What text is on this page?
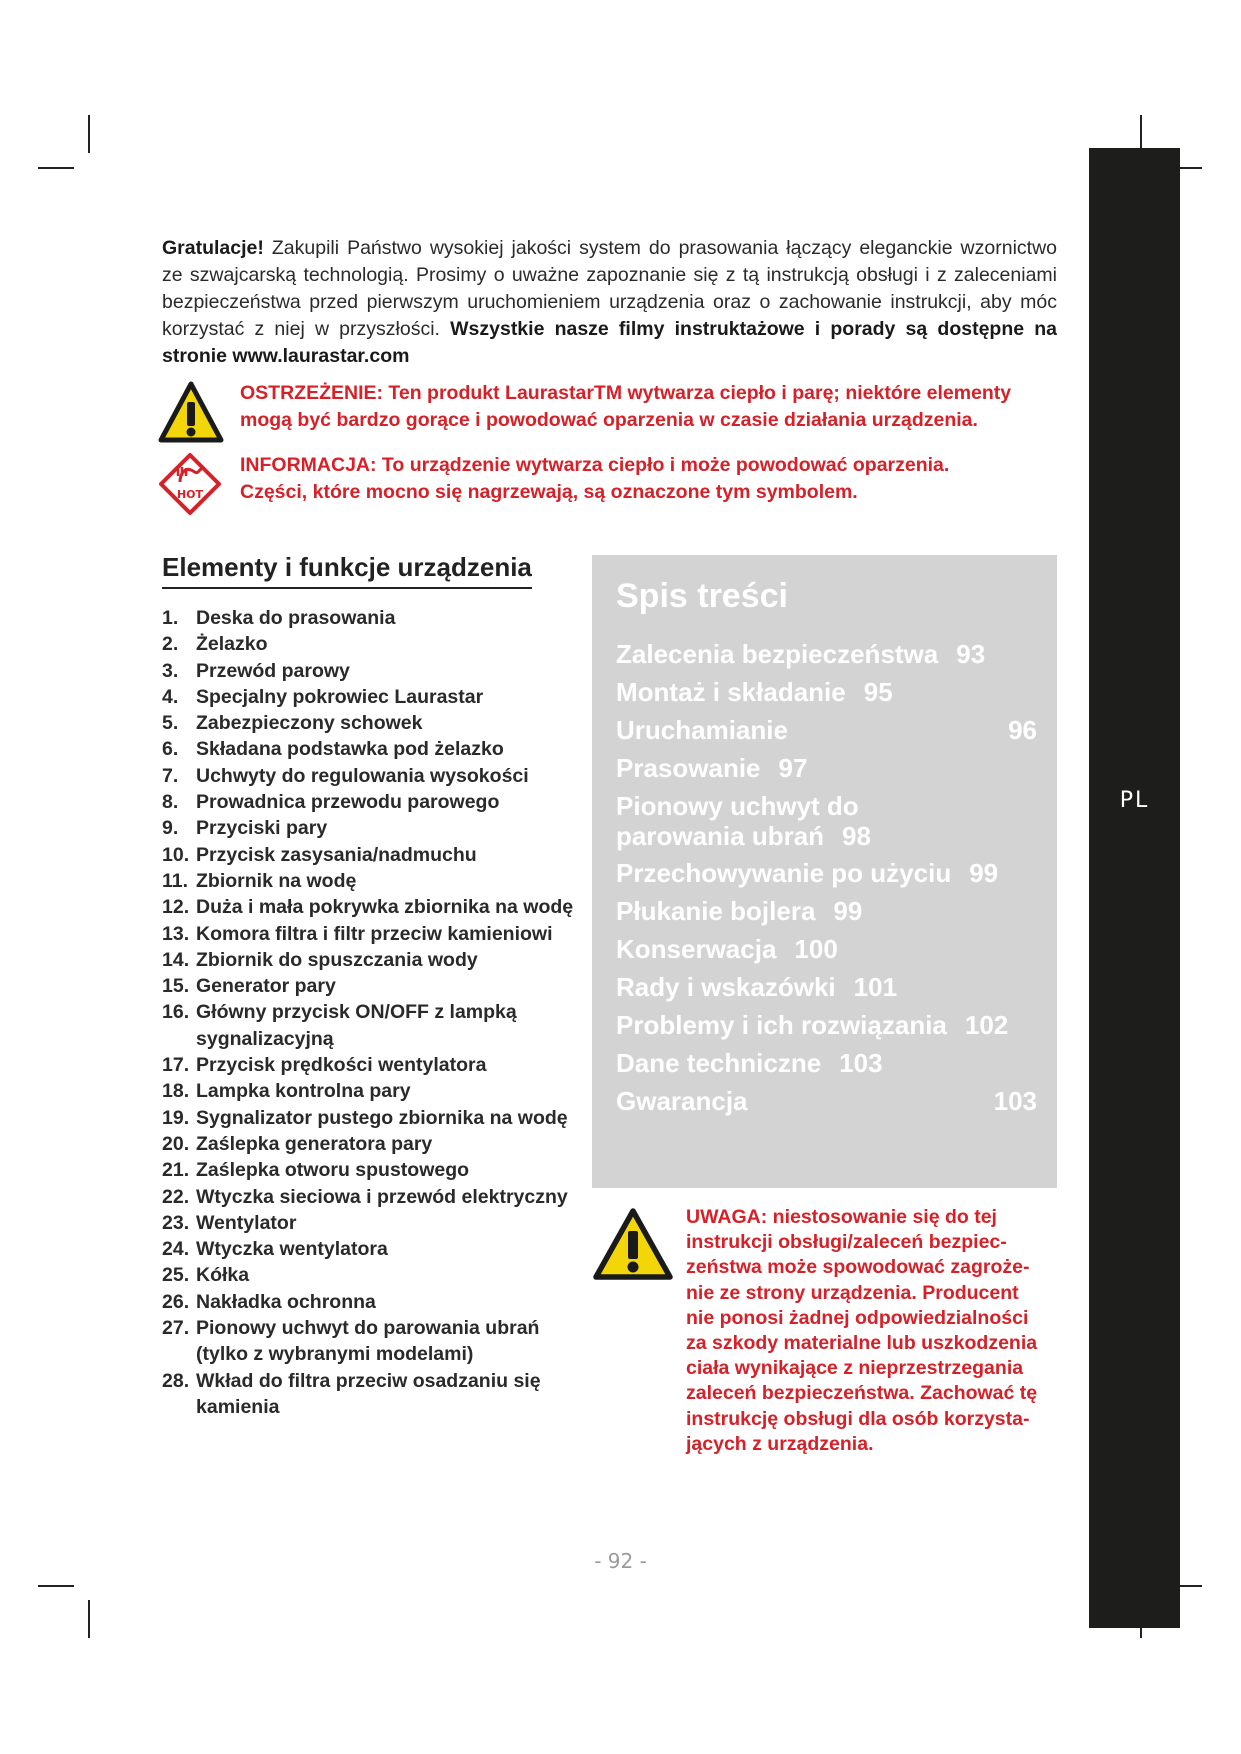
PL
Gratulacje! Zakupili Państwo wysokiej jakości system do prasowania łączący eleganckie wzornictwo ze szwajcarską technologią. Prosimy o uważne zapoznanie się z tą instrukcją obsługi i z zaleceniami bezpieczeństwa przed pierwszym uruchomieniem urządzenia oraz o zachowanie instrukcji, aby móc korzystać z niej w przyszłości. Wszystkie nasze filmy instruktażowe i porady są dostępne na stronie www.laurastar.com
OSTRZEŻENIE: Ten produkt LaurastarTM wytwarza ciepło i parę; niektóre elementy
mogą być bardzo gorące i powodować oparzenia w czasie działania urządzenia.
HOT
INFORMACJA: To urządzenie wytwarza ciepło i może powodować oparzenia.
Części, które mocno się nagrzewają, są oznaczone tym symbolem.
Elementy i funkcje urządzenia
1. Deska do prasowania
2. Żelazko
3. Przewód parowy
4. Specjalny pokrowiec Laurastar
5. Zabezpieczony schowek
6. Składana podstawka pod żelazko
7. Uchwyty do regulowania wysokości
8. Prowadnica przewodu parowego
9. Przyciski pary
10. Przycisk zasysania/nadmuchu
11. Zbiornik na wodę
12. Duża i mała pokrywka zbiornika na wodę
13. Komora filtra i filtr przeciw kamieniowi
14. Zbiornik do spuszczania wody
15. Generator pary
16. Główny przycisk ON/OFF z lampką sygnalizacyjną
17. Przycisk prędkości wentylatora
18. Lampka kontrolna pary
19. Sygnalizator pustego zbiornika na wodę
20. Zaślepka generatora pary
21. Zaślepka otworu spustowego
22. Wtyczka sieciowa i przewód elektryczny
23. Wentylator
24. Wtyczka wentylatora
25. Kółka
26. Nakładka ochronna
27. Pionowy uchwyt do parowania ubrań (tylko z wybranymi modelami)
28. Wkład do filtra przeciw osadzaniu się kamienia
Spis treści
Zalecenia bezpieczeństwa 93
Montaż i składanie 95
Uruchamianie	96
Prasowanie 97
Pionowy uchwyt do parowania ubrań 98
Przechowywanie po użyciu 99
Płukanie bojlera 99
Konserwacja 100
Rady i wskazówki 101
Problemy i ich rozwiązania 102
Dane techniczne 103
Gwarancja	103
UWAGA: niestosowanie się do tej
instrukcji obsługi/zaleceń bezpiec-
zeństwa może spowodować zagroże-
nie ze strony urządzenia. Producent
nie ponosi żadnej odpowiedzialności
za szkody materialne lub uszkodzenia
ciała wynikające z nieprzestrzegania
zaleceń bezpieczeństwa. Zachować tę
instrukcję obsługi dla osób korzysta-
jących z urządzenia.
- 92 -
